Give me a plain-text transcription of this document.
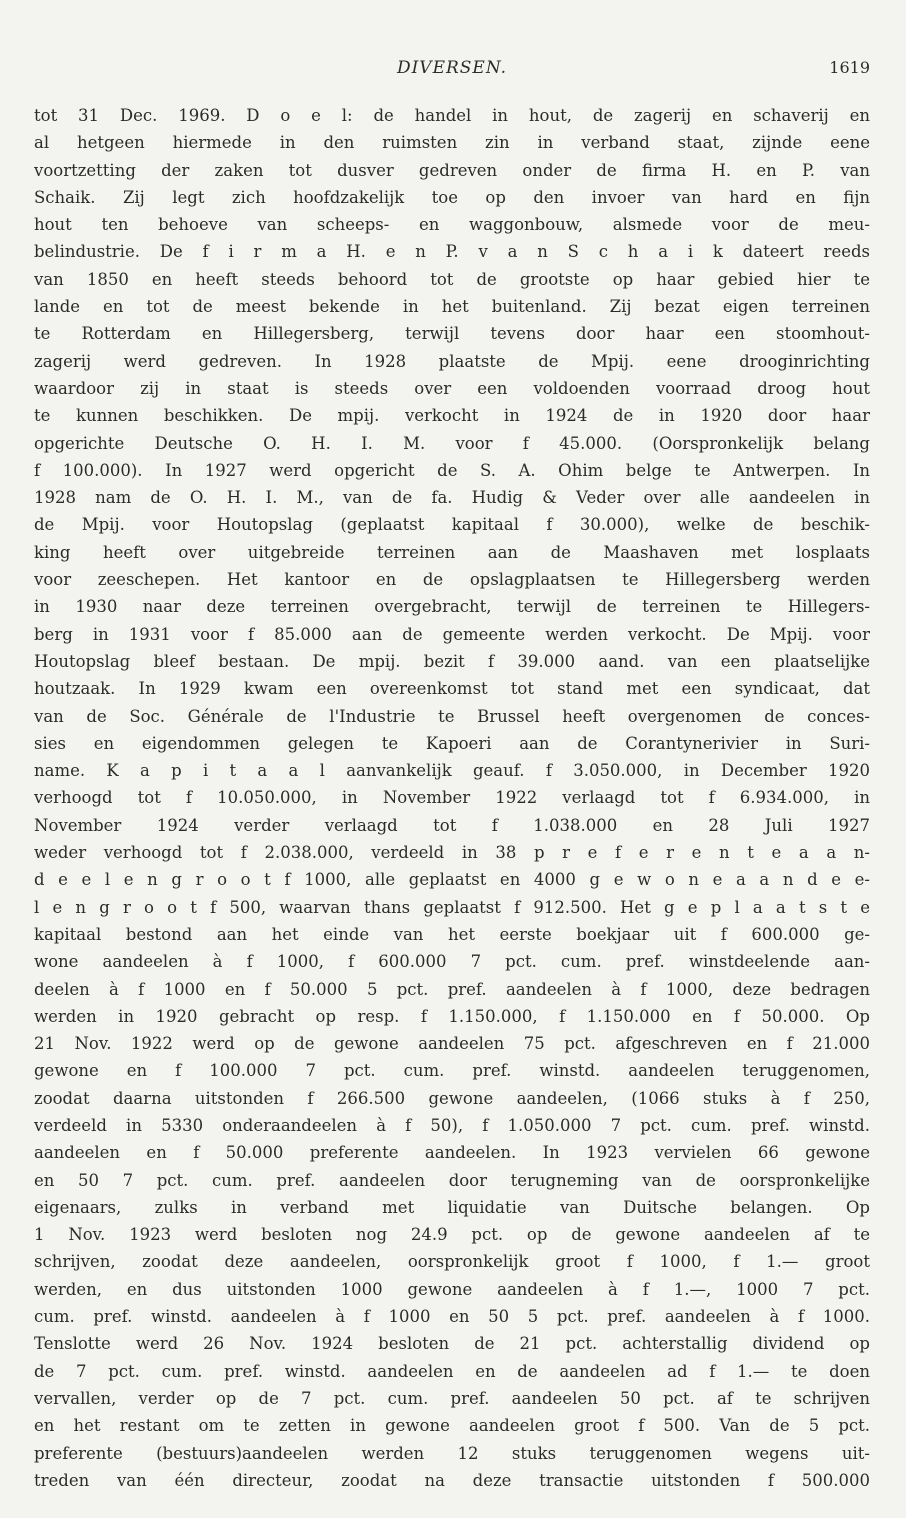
DIVERSEN.	1619
tot 31 Dec. 1969. D o e l: de handel in hout, de zagerij en schaverij en
al hetgeen hiermede in den ruimsten zin in verband staat, zijnde eene
voortzetting der zaken tot dusver gedreven onder de firma H. en P. van
Schaik. Zij legt zich hoofdzakelijk toe op den invoer van hard en fijn
hout ten behoeve van scheeps- en waggonbouw, alsmede voor de meu-
belindustrie. De f i r m a H. e n P. v a n S c h a i k dateert reeds
van 1850 en heeft steeds behoord tot de grootste op haar gebied hier te
lande en tot de meest bekende in het buitenland. Zij bezat eigen terreinen
te Rotterdam en Hillegersberg, terwijl tevens door haar een stoomhout-
zagerij werd gedreven. In 1928 plaatste de Mpij. eene drooginrichting
waardoor zij in staat is steeds over een voldoenden voorraad droog hout
te kunnen beschikken. De mpij. verkocht in 1924 de in 1920 door haar
opgerichte Deutsche O. H. I. M. voor f 45.000. (Oorspronkelijk belang
f 100.000). In 1927 werd opgericht de S. A. Ohim belge te Antwerpen. In
1928 nam de O. H. I. M., van de fa. Hudig & Veder over alle aandeelen in
de Mpij. voor Houtopslag (geplaatst kapitaal f 30.000), welke de beschik-
king heeft over uitgebreide terreinen aan de Maashaven met losplaats
voor zeeschepen. Het kantoor en de opslagplaatsen te Hillegersberg werden
in 1930 naar deze terreinen overgebracht, terwijl de terreinen te Hillegers-
berg in 1931 voor f 85.000 aan de gemeente werden verkocht. De Mpij. voor
Houtopslag bleef bestaan. De mpij. bezit f 39.000 aand. van een plaatselijke
houtzaak. In 1929 kwam een overeenkomst tot stand met een syndicaat, dat
van de Soc. Générale de l'Industrie te Brussel heeft overgenomen de conces-
sies en eigendommen gelegen te Kapoeri aan de Corantynerivier in Suri-
name. K a p i t a a l aanvankelijk geauf. f 3.050.000, in December 1920
verhoogd tot f 10.050.000, in November 1922 verlaagd tot f 6.934.000, in
November 1924 verder verlaagd tot f 1.038.000 en 28 Juli 1927
weder verhoogd tot f 2.038.000, verdeeld in 38 p r e f e r e n t e a a n-
d e e l e n g r o o t f 1000, alle geplaatst en 4000 g e w o n e a a n d e e-
l e n g r o o t f 500, waarvan thans geplaatst f 912.500. Het g e p l a a t s t e
kapitaal bestond aan het einde van het eerste boekjaar uit f 600.000 ge-
wone aandeelen à f 1000, f 600.000 7 pct. cum. pref. winstdeelende aan-
deelen à f 1000 en f 50.000 5 pct. pref. aandeelen à f 1000, deze bedragen
werden in 1920 gebracht op resp. f 1.150.000, f 1.150.000 en f 50.000. Op
21 Nov. 1922 werd op de gewone aandeelen 75 pct. afgeschreven en f 21.000
gewone en f 100.000 7 pct. cum. pref. winstd. aandeelen teruggenomen,
zoodat daarna uitstonden f 266.500 gewone aandeelen, (1066 stuks à f 250,
verdeeld in 5330 onderaandeelen à f 50), f 1.050.000 7 pct. cum. pref. winstd.
aandeelen en f 50.000 preferente aandeelen. In 1923 vervielen 66 gewone
en 50 7 pct. cum. pref. aandeelen door terugneming van de oorspronkelijke
eigenaars, zulks in verband met liquidatie van Duitsche belangen. Op
1 Nov. 1923 werd besloten nog 24.9 pct. op de gewone aandeelen af te
schrijven, zoodat deze aandeelen, oorspronkelijk groot f 1000, f 1.— groot
werden, en dus uitstonden 1000 gewone aandeelen à f 1.—, 1000 7 pct.
cum. pref. winstd. aandeelen à f 1000 en 50 5 pct. pref. aandeelen à f 1000.
Tenslotte werd 26 Nov. 1924 besloten de 21 pct. achterstallig dividend op
de 7 pct. cum. pref. winstd. aandeelen en de aandeelen ad f 1.— te doen
vervallen, verder op de 7 pct. cum. pref. aandeelen 50 pct. af te schrijven
en het restant om te zetten in gewone aandeelen groot f 500. Van de 5 pct.
preferente (bestuurs)aandeelen werden 12 stuks teruggenomen wegens uit-
treden van één directeur, zoodat na deze transactie uitstonden f 500.000
